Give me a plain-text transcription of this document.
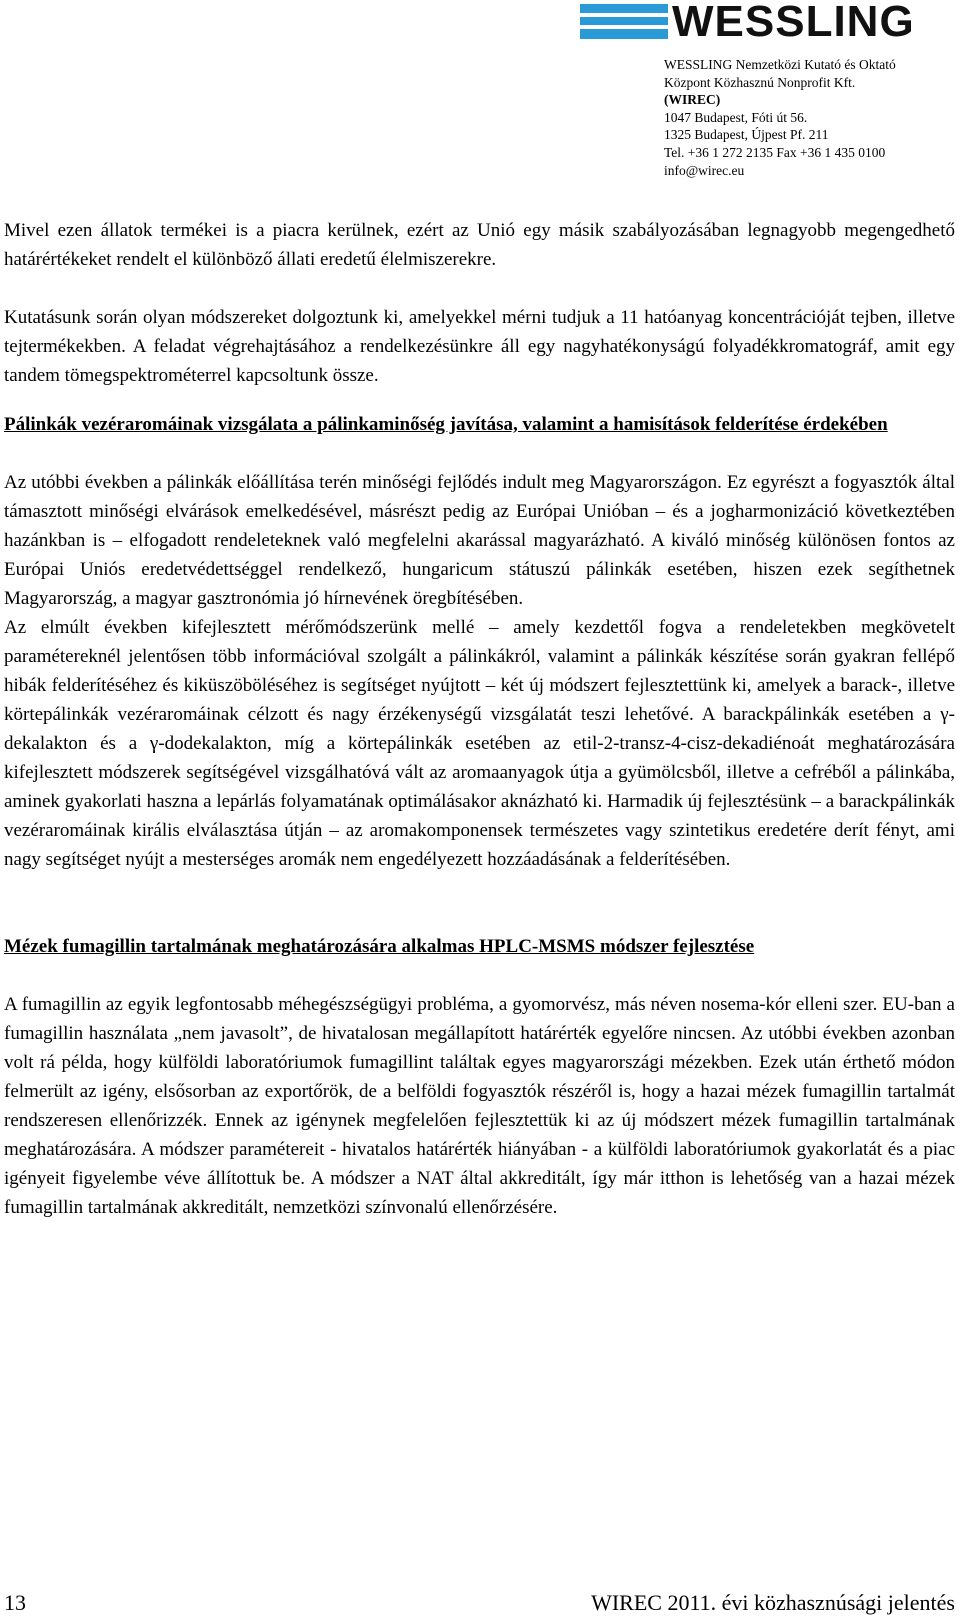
WESSLING
WESSLING Nemzetközi Kutató és Oktató
Központ Közhasznú Nonprofit Kft.
(WIREC)
1047 Budapest, Fóti út 56.
1325 Budapest, Újpest Pf. 211
Tel. +36 1 272 2135 Fax +36 1 435 0100
info@wirec.eu

Mivel ezen állatok termékei is a piacra kerülnek, ezért az Unió egy másik szabályozásában legnagyobb megengedhető határértékeket rendelt el különböző állati eredetű élelmiszerekre.

Kutatásunk során olyan módszereket dolgoztunk ki, amelyekkel mérni tudjuk a 11 hatóanyag koncentrációját tejben, illetve tejtermékekben. A feladat végrehajtásához a rendelkezésünkre áll egy nagyhatékonyságú folyadékkromatográf, amit egy tandem tömegspektrométerrel kapcsoltunk össze.

Pálinkák vezéraromáinak vizsgálata a pálinkaminőség javítása, valamint a hamisítások felderítése érdekében

Az utóbbi években a pálinkák előállítása terén minőségi fejlődés indult meg Magyarországon. Ez egyrészt a fogyasztók által támasztott minőségi elvárások emelkedésével, másrészt pedig az Európai Unióban – és a jogharmonizáció következtében hazánkban is – elfogadott rendeleteknek való megfelelni akarással magyarázható. A kiváló minőség különösen fontos az Európai Uniós eredetvédettséggel rendelkező, hungaricum státuszú pálinkák esetében, hiszen ezek segíthetnek Magyarország, a magyar gasztronómia jó hírnevének öregbítésében.

Az elmúlt években kifejlesztett mérőmódszerünk mellé – amely kezdettől fogva a rendeletekben megkövetelt paramétereknél jelentősen több információval szolgált a pálinkákról, valamint a pálinkák készítése során gyakran fellépő hibák felderítéséhez és kiküszöböléséhez is segítséget nyújtott – két új módszert fejlesztettünk ki, amelyek a barack-, illetve körtepálinkák vezéraromáinak célzott és nagy érzékenységű vizsgálatát teszi lehetővé. A barackpálinkák esetében a γ-dekalakton és a γ-dodekalakton, míg a körtepálinkák esetében az etil-2-transz-4-cisz-dekadiénoát meghatározására kifejlesztett módszerek segítségével vizsgálhatóvá vált az aromaanyagok útja a gyümölcsből, illetve a cefréből a pálinkába, aminek gyakorlati haszna a lepárlás folyamatának optimálásakor aknázható ki. Harmadik új fejlesztésünk – a barackpálinkák vezéraromáinak királis elválasztása útján – az aromakomponensek természetes vagy szintetikus eredetére derít fényt, ami nagy segítséget nyújt a mesterséges aromák nem engedélyezett hozzáadásának a felderítésében.

Mézek fumagillin tartalmának meghatározására alkalmas HPLC-MSMS módszer fejlesztése

A fumagillin az egyik legfontosabb méhegészségügyi probléma, a gyomorvész, más néven nosema-kór elleni szer. EU-ban a fumagillin használata „nem javasolt”, de hivatalosan megállapított határérték egyelőre nincsen. Az utóbbi években azonban volt rá példa, hogy külföldi laboratóriumok fumagillint találtak egyes magyarországi mézekben. Ezek után érthető módon felmerült az igény, elsősorban az exportőrök, de a belföldi fogyasztók részéről is, hogy a hazai mézek fumagillin tartalmát rendszeresen ellenőrizzék. Ennek az igénynek megfelelően fejlesztettük ki az új módszert mézek fumagillin tartalmának meghatározására. A módszer paramétereit - hivatalos határérték hiányában - a külföldi laboratóriumok gyakorlatát és a piac igényeit figyelembe véve állítottuk be. A módszer a NAT által akkreditált, így már itthon is lehetőség van a hazai mézek fumagillin tartalmának akkreditált, nemzetközi színvonalú ellenőrzésére.

13	WIREC 2011. évi közhasznúsági jelentés
